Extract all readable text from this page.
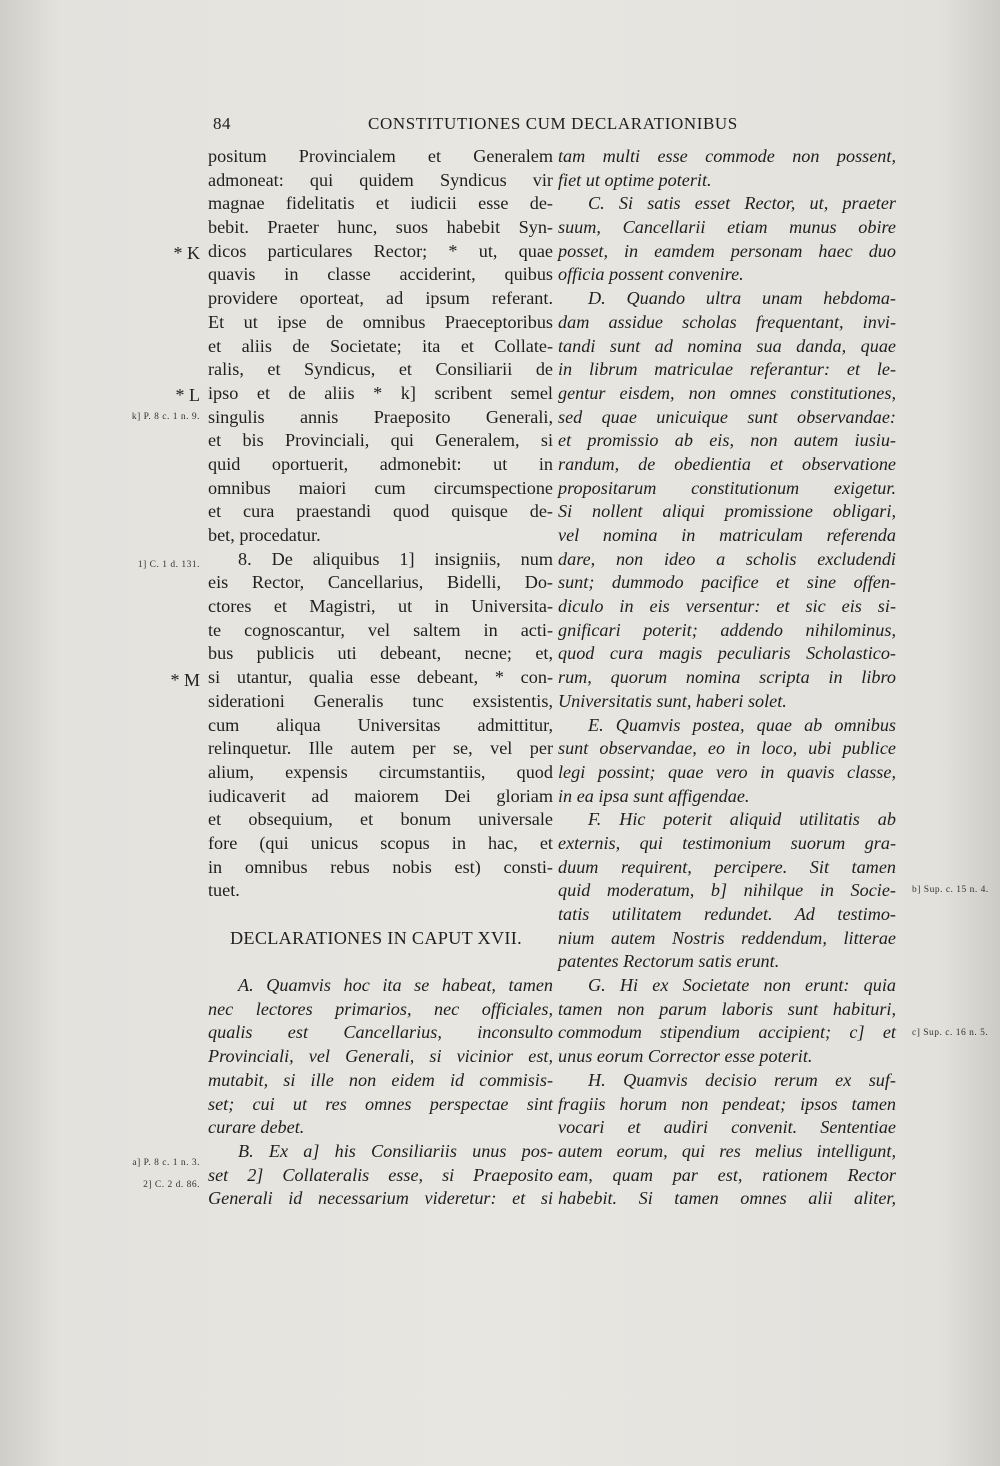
84	CONSTITUTIONES CUM DECLARATIONIBUS
* K
* L
k] P. 8 c. 1 n. 9.
1] C. 1 d. 131.
* M
a] P. 8 c. 1 n. 3.
2] C. 2 d. 86.
b] Sup. c. 15 n. 4.
c] Sup. c. 16 n. 5.
positum Provincialem et Generalem
admoneat: qui quidem Syndicus vir
magnae fidelitatis et iudicii esse de-
bebit. Praeter hunc, suos habebit Syn-
dicos particulares Rector; * ut, quae
quavis in classe acciderint, quibus
providere oporteat, ad ipsum referant.
Et ut ipse de omnibus Praeceptoribus
et aliis de Societate; ita et Collate-
ralis, et Syndicus, et Consiliarii de
ipso et de aliis * k] scribent semel
singulis annis Praeposito Generali,
et bis Provinciali, qui Generalem, si
quid oportuerit, admonebit: ut in
omnibus maiori cum circumspectione
et cura praestandi quod quisque de-
bet, procedatur.
8. De aliquibus 1] insigniis, num
eis Rector, Cancellarius, Bidelli, Do-
ctores et Magistri, ut in Universita-
te cognoscantur, vel saltem in acti-
bus publicis uti debeant, necne; et,
si utantur, qualia esse debeant, * con-
siderationi Generalis tunc exsistentis,
cum aliqua Universitas admittitur,
relinquetur. Ille autem per se, vel per
alium, expensis circumstantiis, quod
iudicaverit ad maiorem Dei gloriam
et obsequium, et bonum universale
fore (qui unicus scopus in hac, et
in omnibus rebus nobis est) consti-
tuet.
DECLARATIONES IN CAPUT XVII.
A. Quamvis hoc ita se habeat, tamen
nec lectores primarios, nec officiales,
qualis est Cancellarius, inconsulto
Provinciali, vel Generali, si vicinior est,
mutabit, si ille non eidem id commisis-
set; cui ut res omnes perspectae sint
curare debet.
B. Ex a] his Consiliariis unus pos-
set 2] Collateralis esse, si Praeposito
Generali id necessarium videretur: et si
tam multi esse commode non possent,
fiet ut optime poterit.
C. Si satis esset Rector, ut, praeter
suum, Cancellarii etiam munus obire
posset, in eamdem personam haec duo
officia possent convenire.
D. Quando ultra unam hebdoma-
dam assidue scholas frequentant, invi-
tandi sunt ad nomina sua danda, quae
in librum matriculae referantur: et le-
gentur eisdem, non omnes constitutiones,
sed quae unicuique sunt observandae:
et promissio ab eis, non autem iusiu-
randum, de obedientia et observatione
propositarum constitutionum exigetur.
Si nollent aliqui promissione obligari,
vel nomina in matriculam referenda
dare, non ideo a scholis excludendi
sunt; dummodo pacifice et sine offen-
diculo in eis versentur: et sic eis si-
gnificari poterit; addendo nihilominus,
quod cura magis peculiaris Scholastico-
rum, quorum nomina scripta in libro
Universitatis sunt, haberi solet.
E. Quamvis postea, quae ab omnibus
sunt observandae, eo in loco, ubi publice
legi possint; quae vero in quavis classe,
in ea ipsa sunt affigendae.
F. Hic poterit aliquid utilitatis ab
externis, qui testimonium suorum gra-
duum requirent, percipere. Sit tamen
quid moderatum, b] nihilque in Socie-
tatis utilitatem redundet. Ad testimo-
nium autem Nostris reddendum, litterae
patentes Rectorum satis erunt.
G. Hi ex Societate non erunt: quia
tamen non parum laboris sunt habituri,
commodum stipendium accipient; c] et
unus eorum Corrector esse poterit.
H. Quamvis decisio rerum ex suf-
fragiis horum non pendeat; ipsos tamen
vocari et audiri convenit. Sententiae
autem eorum, qui res melius intelligunt,
eam, quam par est, rationem Rector
habebit. Si tamen omnes alii aliter,
